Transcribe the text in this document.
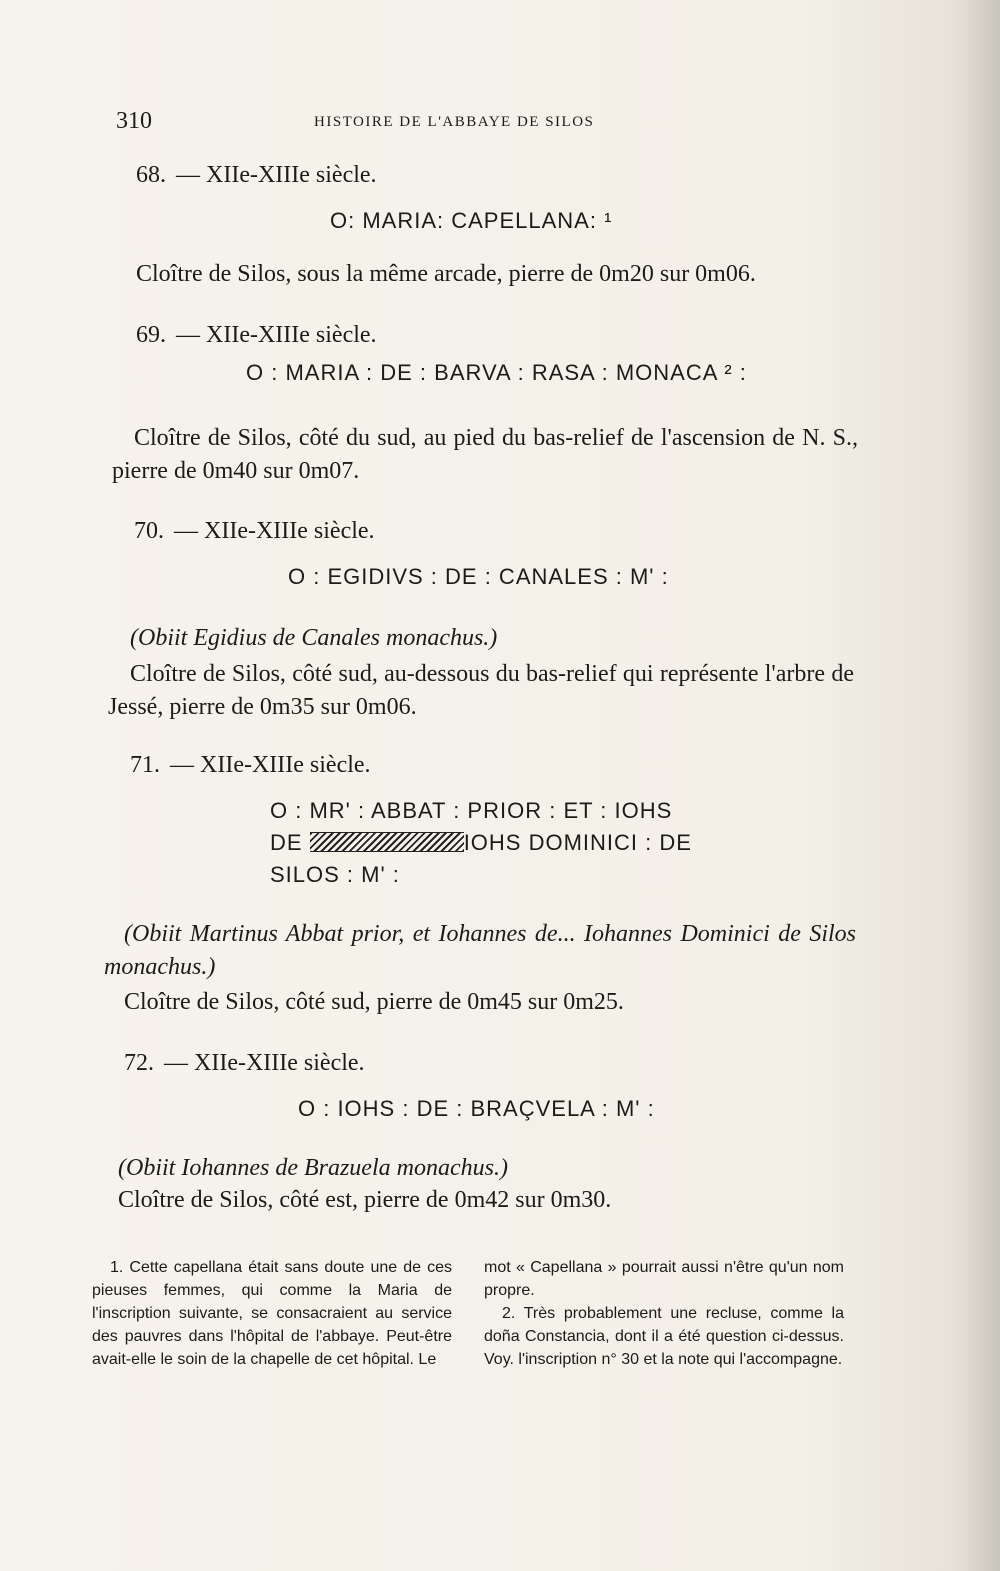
310	HISTOIRE DE L'ABBAYE DE SILOS
68. — XIIe-XIIIe siècle.
O: MARIA: CAPELLANA: ¹
Cloître de Silos, sous la même arcade, pierre de 0m20 sur 0m06.
69. — XIIe-XIIIe siècle.
O : MARIA : DE : BARVA : RASA : MONACA ² :
Cloître de Silos, côté du sud, au pied du bas-relief de l'ascension de N. S., pierre de 0m40 sur 0m07.
70. — XIIe-XIIIe siècle.
O : EGIDIVS : DE : CANALES : M' :
(Obiit Egidius de Canales monachus.)
Cloître de Silos, côté sud, au-dessous du bas-relief qui représente l'arbre de Jessé, pierre de 0m35 sur 0m06.
71. — XIIe-XIIIe siècle.
O : MR' : ABBAT : PRIOR : ET : IOHS
DE	IOHS DOMINICI : DE
SILOS : M' :
(Obiit Martinus Abbat prior, et Iohannes de... Iohannes Dominici de Silos monachus.)
Cloître de Silos, côté sud, pierre de 0m45 sur 0m25.
72. — XIIe-XIIIe siècle.
O : IOHS : DE : BRAÇVELA : M' :
(Obiit Iohannes de Brazuela monachus.)
Cloître de Silos, côté est, pierre de 0m42 sur 0m30.

1. Cette capellana était sans doute une de ces pieuses femmes, qui comme la Maria de l'inscription suivante, se consacraient au service des pauvres dans l'hôpital de l'abbaye. Peut-être avait-elle le soin de la chapelle de cet hôpital. Le

mot « Capellana » pourrait aussi n'être qu'un nom propre.

2. Très probablement une recluse, comme la doña Constancia, dont il a été question ci-dessus. Voy. l'inscription n° 30 et la note qui l'accompagne.
